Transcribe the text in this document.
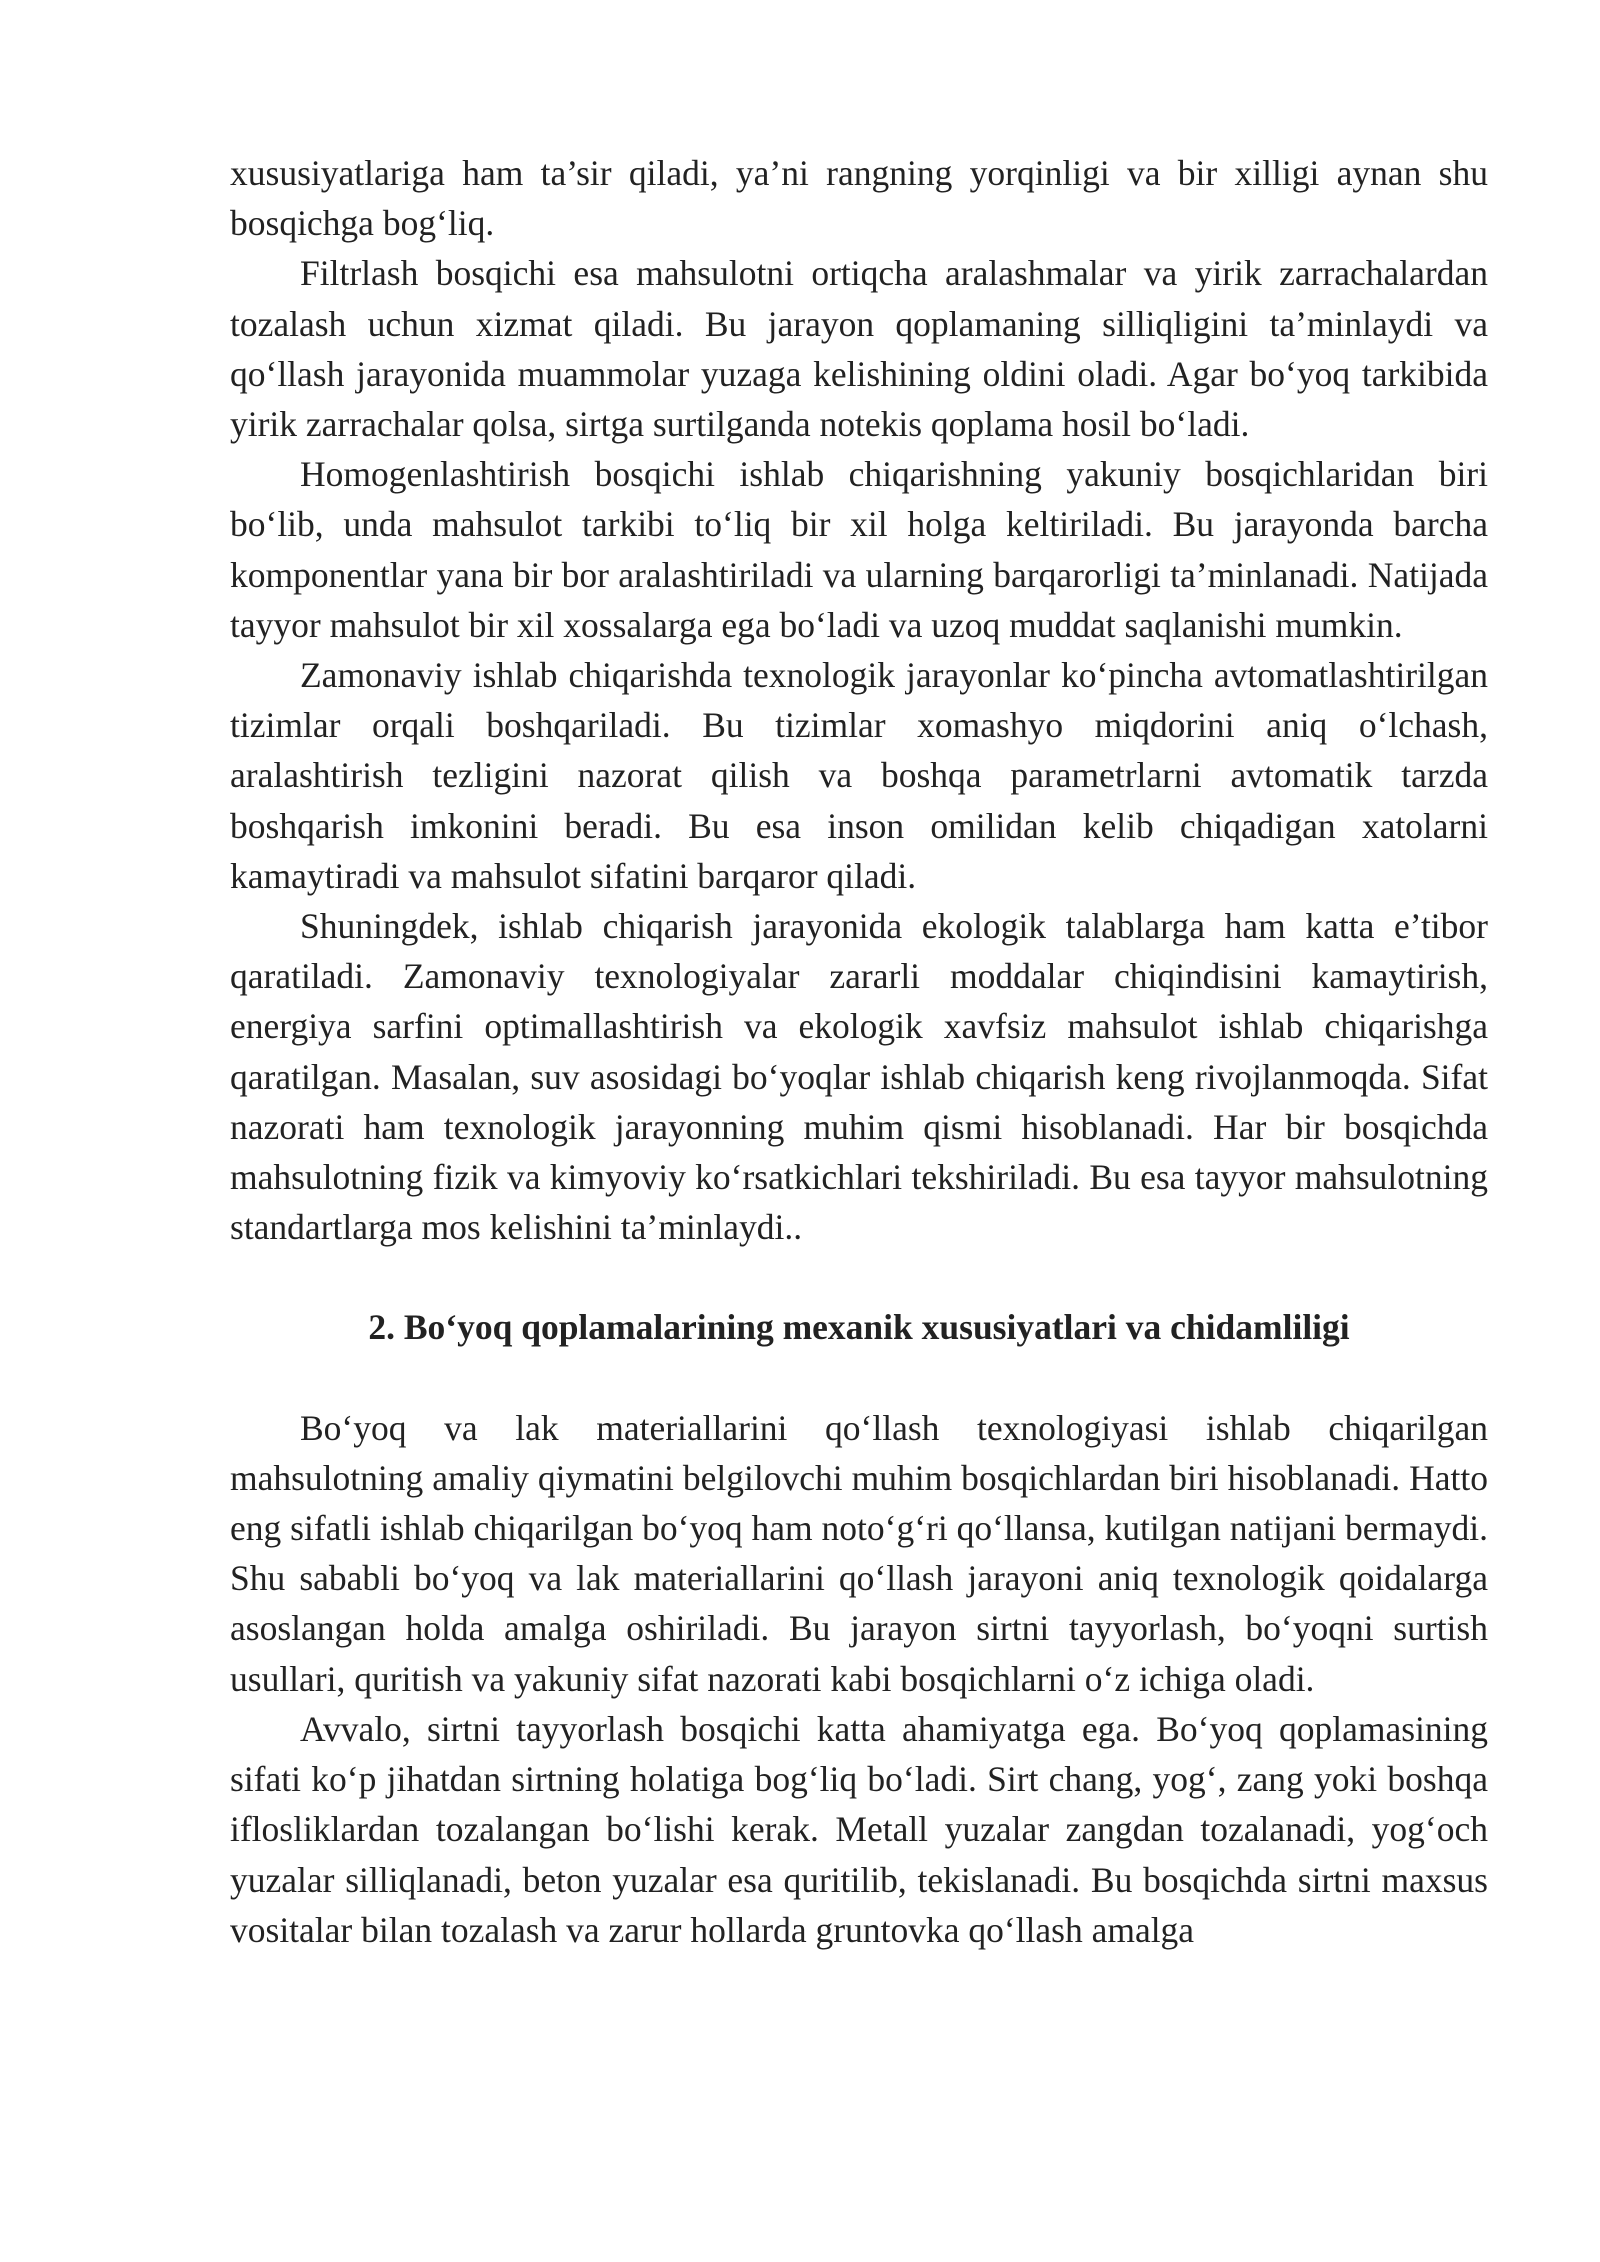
xususiyatlariga ham ta’sir qiladi, ya’ni rangning yorqinligi va bir xilligi aynan shu bosqichga bog‘liq.

Filtrlash bosqichi esa mahsulotni ortiqcha aralashmalar va yirik zarrachalardan tozalash uchun xizmat qiladi. Bu jarayon qoplamaning silliqligini ta’minlaydi va qo‘llash jarayonida muammolar yuzaga kelishining oldini oladi. Agar bo‘yoq tarkibida yirik zarrachalar qolsa, sirtga surtilganda notekis qoplama hosil bo‘ladi.

Homogenlashtirish bosqichi ishlab chiqarishning yakuniy bosqichlaridan biri bo‘lib, unda mahsulot tarkibi to‘liq bir xil holga keltiriladi. Bu jarayonda barcha komponentlar yana bir bor aralashtiriladi va ularning barqarorligi ta’minlanadi. Natijada tayyor mahsulot bir xil xossalarga ega bo‘ladi va uzoq muddat saqlanishi mumkin.

Zamonaviy ishlab chiqarishda texnologik jarayonlar ko‘pincha avtomatlashtirilgan tizimlar orqali boshqariladi. Bu tizimlar xomashyo miqdorini aniq o‘lchash, aralashtirish tezligini nazorat qilish va boshqa parametrlarni avtomatik tarzda boshqarish imkonini beradi. Bu esa inson omilidan kelib chiqadigan xatolarni kamaytiradi va mahsulot sifatini barqaror qiladi.

Shuningdek, ishlab chiqarish jarayonida ekologik talablarga ham katta e’tibor qaratiladi. Zamonaviy texnologiyalar zararli moddalar chiqindisini kamaytirish, energiya sarfini optimallashtirish va ekologik xavfsiz mahsulot ishlab chiqarishga qaratilgan. Masalan, suv asosidagi bo‘yoqlar ishlab chiqarish keng rivojlanmoqda. Sifat nazorati ham texnologik jarayonning muhim qismi hisoblanadi. Har bir bosqichda mahsulotning fizik va kimyoviy ko‘rsatkichlari tekshiriladi. Bu esa tayyor mahsulotning standartlarga mos kelishini ta’minlaydi..

2. Bo‘yoq qoplamalarining mexanik xususiyatlari va chidamliligi

Bo‘yoq va lak materiallarini qo‘llash texnologiyasi ishlab chiqarilgan mahsulotning amaliy qiymatini belgilovchi muhim bosqichlardan biri hisoblanadi. Hatto eng sifatli ishlab chiqarilgan bo‘yoq ham noto‘g‘ri qo‘llansa, kutilgan natijani bermaydi. Shu sababli bo‘yoq va lak materiallarini qo‘llash jarayoni aniq texnologik qoidalarga asoslangan holda amalga oshiriladi. Bu jarayon sirtni tayyorlash, bo‘yoqni surtish usullari, quritish va yakuniy sifat nazorati kabi bosqichlarni o‘z ichiga oladi.

Avvalo, sirtni tayyorlash bosqichi katta ahamiyatga ega. Bo‘yoq qoplamasining sifati ko‘p jihatdan sirtning holatiga bog‘liq bo‘ladi. Sirt chang, yog‘, zang yoki boshqa iflosliklardan tozalangan bo‘lishi kerak. Metall yuzalar zangdan tozalanadi, yog‘och yuzalar silliqlanadi, beton yuzalar esa quritilib, tekislanadi. Bu bosqichda sirtni maxsus vositalar bilan tozalash va zarur hollarda gruntovka qo‘llash amalga
